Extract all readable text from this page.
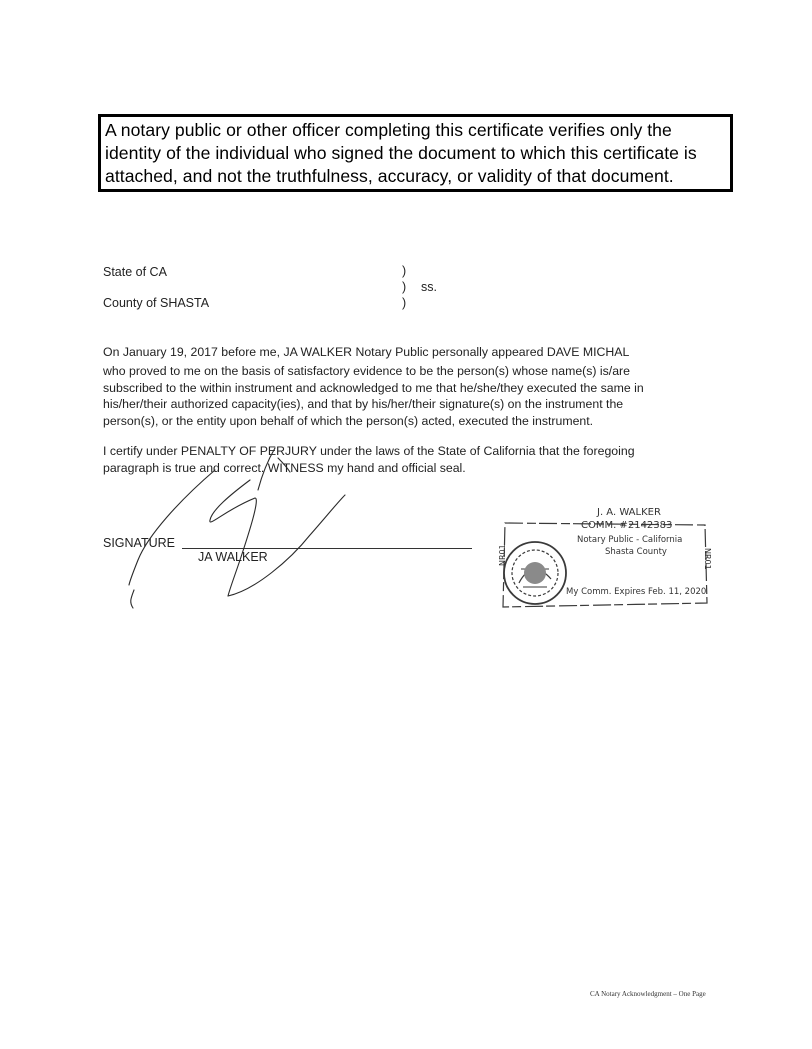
A notary public or other officer completing this certificate verifies only the
identity of the individual who signed the document to which this certificate is
attached, and not the truthfulness, accuracy, or validity of that document.
State of CA
County of SHASTA
)
)
)
ss.
On January 19, 2017 before me, JA WALKER Notary Public personally appeared DAVE MICHAL
who proved to me on the basis of satisfactory evidence to be the person(s) whose name(s) is/are
subscribed to the within instrument and acknowledged to me that he/she/they executed the same in
his/her/their authorized capacity(ies), and that by his/her/their signature(s) on the instrument the
person(s), or the entity upon behalf of which the person(s) acted, executed the instrument.
I certify under PENALTY OF PERJURY under the laws of the State of California that the foregoing
paragraph is true and correct. WITNESS my hand and official seal.
SIGNATURE
JA WALKER
J. A. WALKER
COMM. #2142383
Notary Public - California
Shasta County
My Comm. Expires Feb. 11, 2020
NR01	NR01
CA Notary Acknowledgment – One Page
